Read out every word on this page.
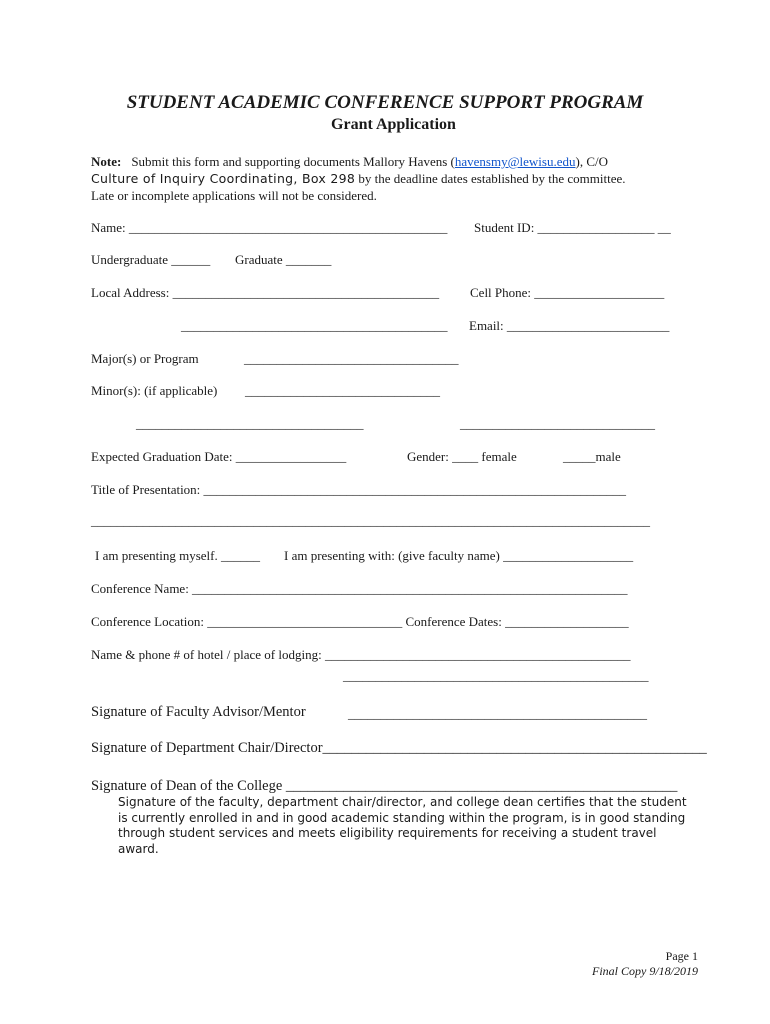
STUDENT ACADEMIC CONFERENCE SUPPORT PROGRAM
Grant Application
Note: Submit this form and supporting documents Mallory Havens (havensmy@lewisu.edu), C/O
Culture of Inquiry Coordinating, Box 298 by the deadline dates established by the committee.
Late or incomplete applications will not be considered.
Name: _________________________________________________ Student ID: __________________ __
Undergraduate ______ Graduate _______
Local Address: _________________________________________ Cell Phone: ____________________
_________________________________________ Email: _________________________
Major(s) or Program	_________________________________
Minor(s): (if applicable) ______________________________
___________________________________	______________________________
Expected Graduation Date: _________________	Gender: ____ female	_____male
Title of Presentation: _________________________________________________________________
______________________________________________________________________________________
I am presenting myself. ______ I am presenting with: (give faculty name) ____________________
Conference Name: ___________________________________________________________________
Conference Location: ______________________________ Conference Dates: ___________________
Name & phone # of hotel / place of lodging: _______________________________________________
_______________________________________________
Signature of Faculty Advisor/Mentor	______________________________________________
Signature of Department Chair/Director_____________________________________________________
Signature of Dean of the College ______________________________________________________
Signature of the faculty, department chair/director, and college dean certifies that the student is currently enrolled in and in good academic standing within the program, is in good standing through student services and meets eligibility requirements for receiving a student travel award.
Page 1
Final Copy 9/18/2019
